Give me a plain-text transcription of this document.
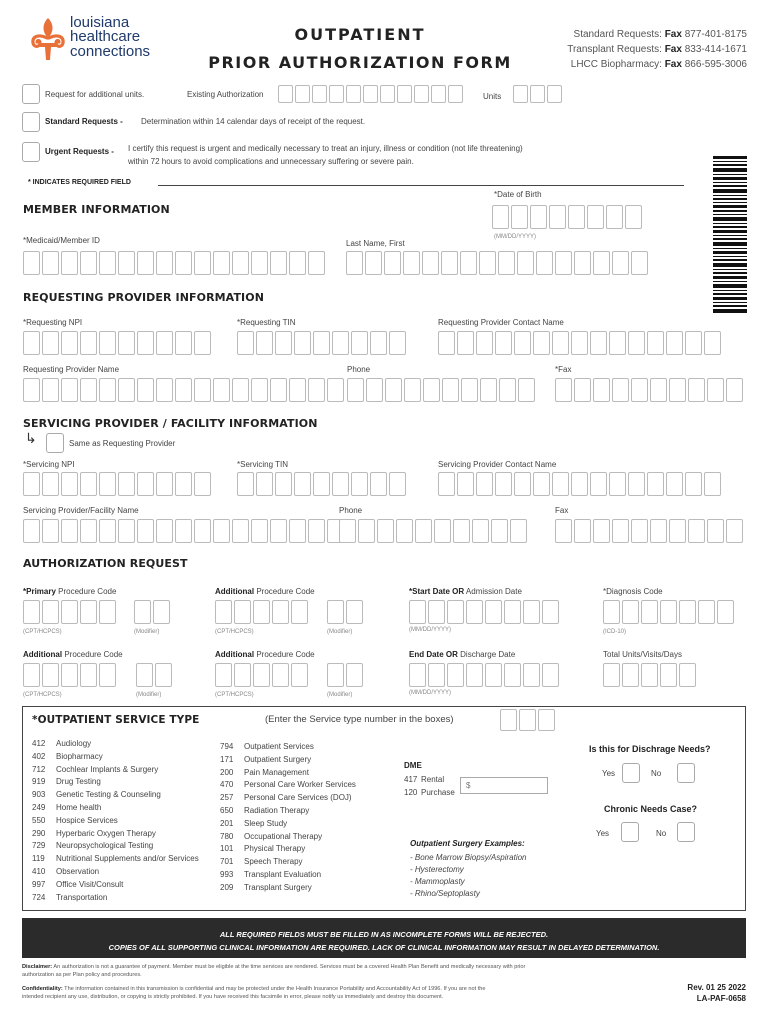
louisiana
healthcare
connections
OUTPATIENT
PRIOR AUTHORIZATION FORM
Standard Requests: Fax 877-401-8175
Transplant Requests: Fax 833-414-1671
LHCC Biopharmacy: Fax 866-595-3006
Request for additional units.	Existing Authorization	Units
Standard Requests - Determination within 14 calendar days of receipt of the request.
Urgent Requests - I certify this request is urgent and medically necessary to treat an injury, illness or condition (not life threatening)
within 72 hours to avoid complications and unnecessary suffering or severe pain.
* INDICATES REQUIRED FIELD
MEMBER INFORMATION
*Date of Birth
(MM/DD/YYYY)
*Medicaid/Member ID	Last Name, First
REQUESTING PROVIDER INFORMATION
*Requesting NPI	*Requesting TIN	Requesting Provider Contact Name
Requesting Provider Name	Phone	*Fax
SERVICING PROVIDER / FACILITY INFORMATION
↳	Same as Requesting Provider
*Servicing NPI	*Servicing TIN	Servicing Provider Contact Name
Servicing Provider/Facility Name	Phone	Fax
AUTHORIZATION REQUEST
*Primary Procedure Code
(CPT/HCPCS)	(Modifier)
Additional Procedure Code
(CPT/HCPCS)	(Modifier)
*Start Date OR Admission Date
(MM/DD/YYYY)
*Diagnosis Code
(ICD-10)
Additional Procedure Code
(CPT/HCPCS)	(Modifier)
Additional Procedure Code
(CPT/HCPCS)	(Modifier)
End Date OR Discharge Date
(MM/DD/YYYY)
Total Units/Visits/Days
*OUTPATIENT SERVICE TYPE	(Enter the Service type number in the boxes)
412 Audiology
402 Biopharmacy
712 Cochlear Implants & Surgery
919 Drug Testing
903 Genetic Testing & Counseling
249 Home health
550 Hospice Services
290 Hyperbaric Oxygen Therapy
729 Neuropsychological Testing
119 Nutritional Supplements and/or Services
410 Observation
997 Office Visit/Consult
724 Transportation
794 Outpatient Services
171 Outpatient Surgery
200 Pain Management
470 Personal Care Worker Services
257 Personal Care Services (DOJ)
650 Radiation Therapy
201 Sleep Study
780 Occupational Therapy
101 Physical Therapy
701 Speech Therapy
993 Transplant Evaluation
209 Transplant Surgery
DME
417 Rental
120 Purchase
$
Outpatient Surgery Examples:
- Bone Marrow Biopsy/Aspiration
- Hysterectomy
- Mammoplasty
- Rhino/Septoplasty
Is this for Dischrage Needs?
Yes	No
Chronic Needs Case?
Yes	No
ALL REQUIRED FIELDS MUST BE FILLED IN AS INCOMPLETE FORMS WILL BE REJECTED.
COPIES OF ALL SUPPORTING CLINICAL INFORMATION ARE REQUIRED. LACK OF CLINICAL INFORMATION MAY RESULT IN DELAYED DETERMINATION.
Disclaimer: An authorization is not a guarantee of payment. Member must be eligible at the time services are rendered. Services must be a covered Health Plan Benefit and medically necessary with prior
authorization as per Plan policy and procedures.
Confidentiality: The information contained in this transmission is confidential and may be protected under the Health Insurance Portability and Accountability Act of 1996. If you are not the
intended recipient any use, distribution, or copying is strictly prohibited. If you have received this facsimile in error, please notify us immediately and destroy this document.
Rev. 01 25 2022
LA-PAF-0658
